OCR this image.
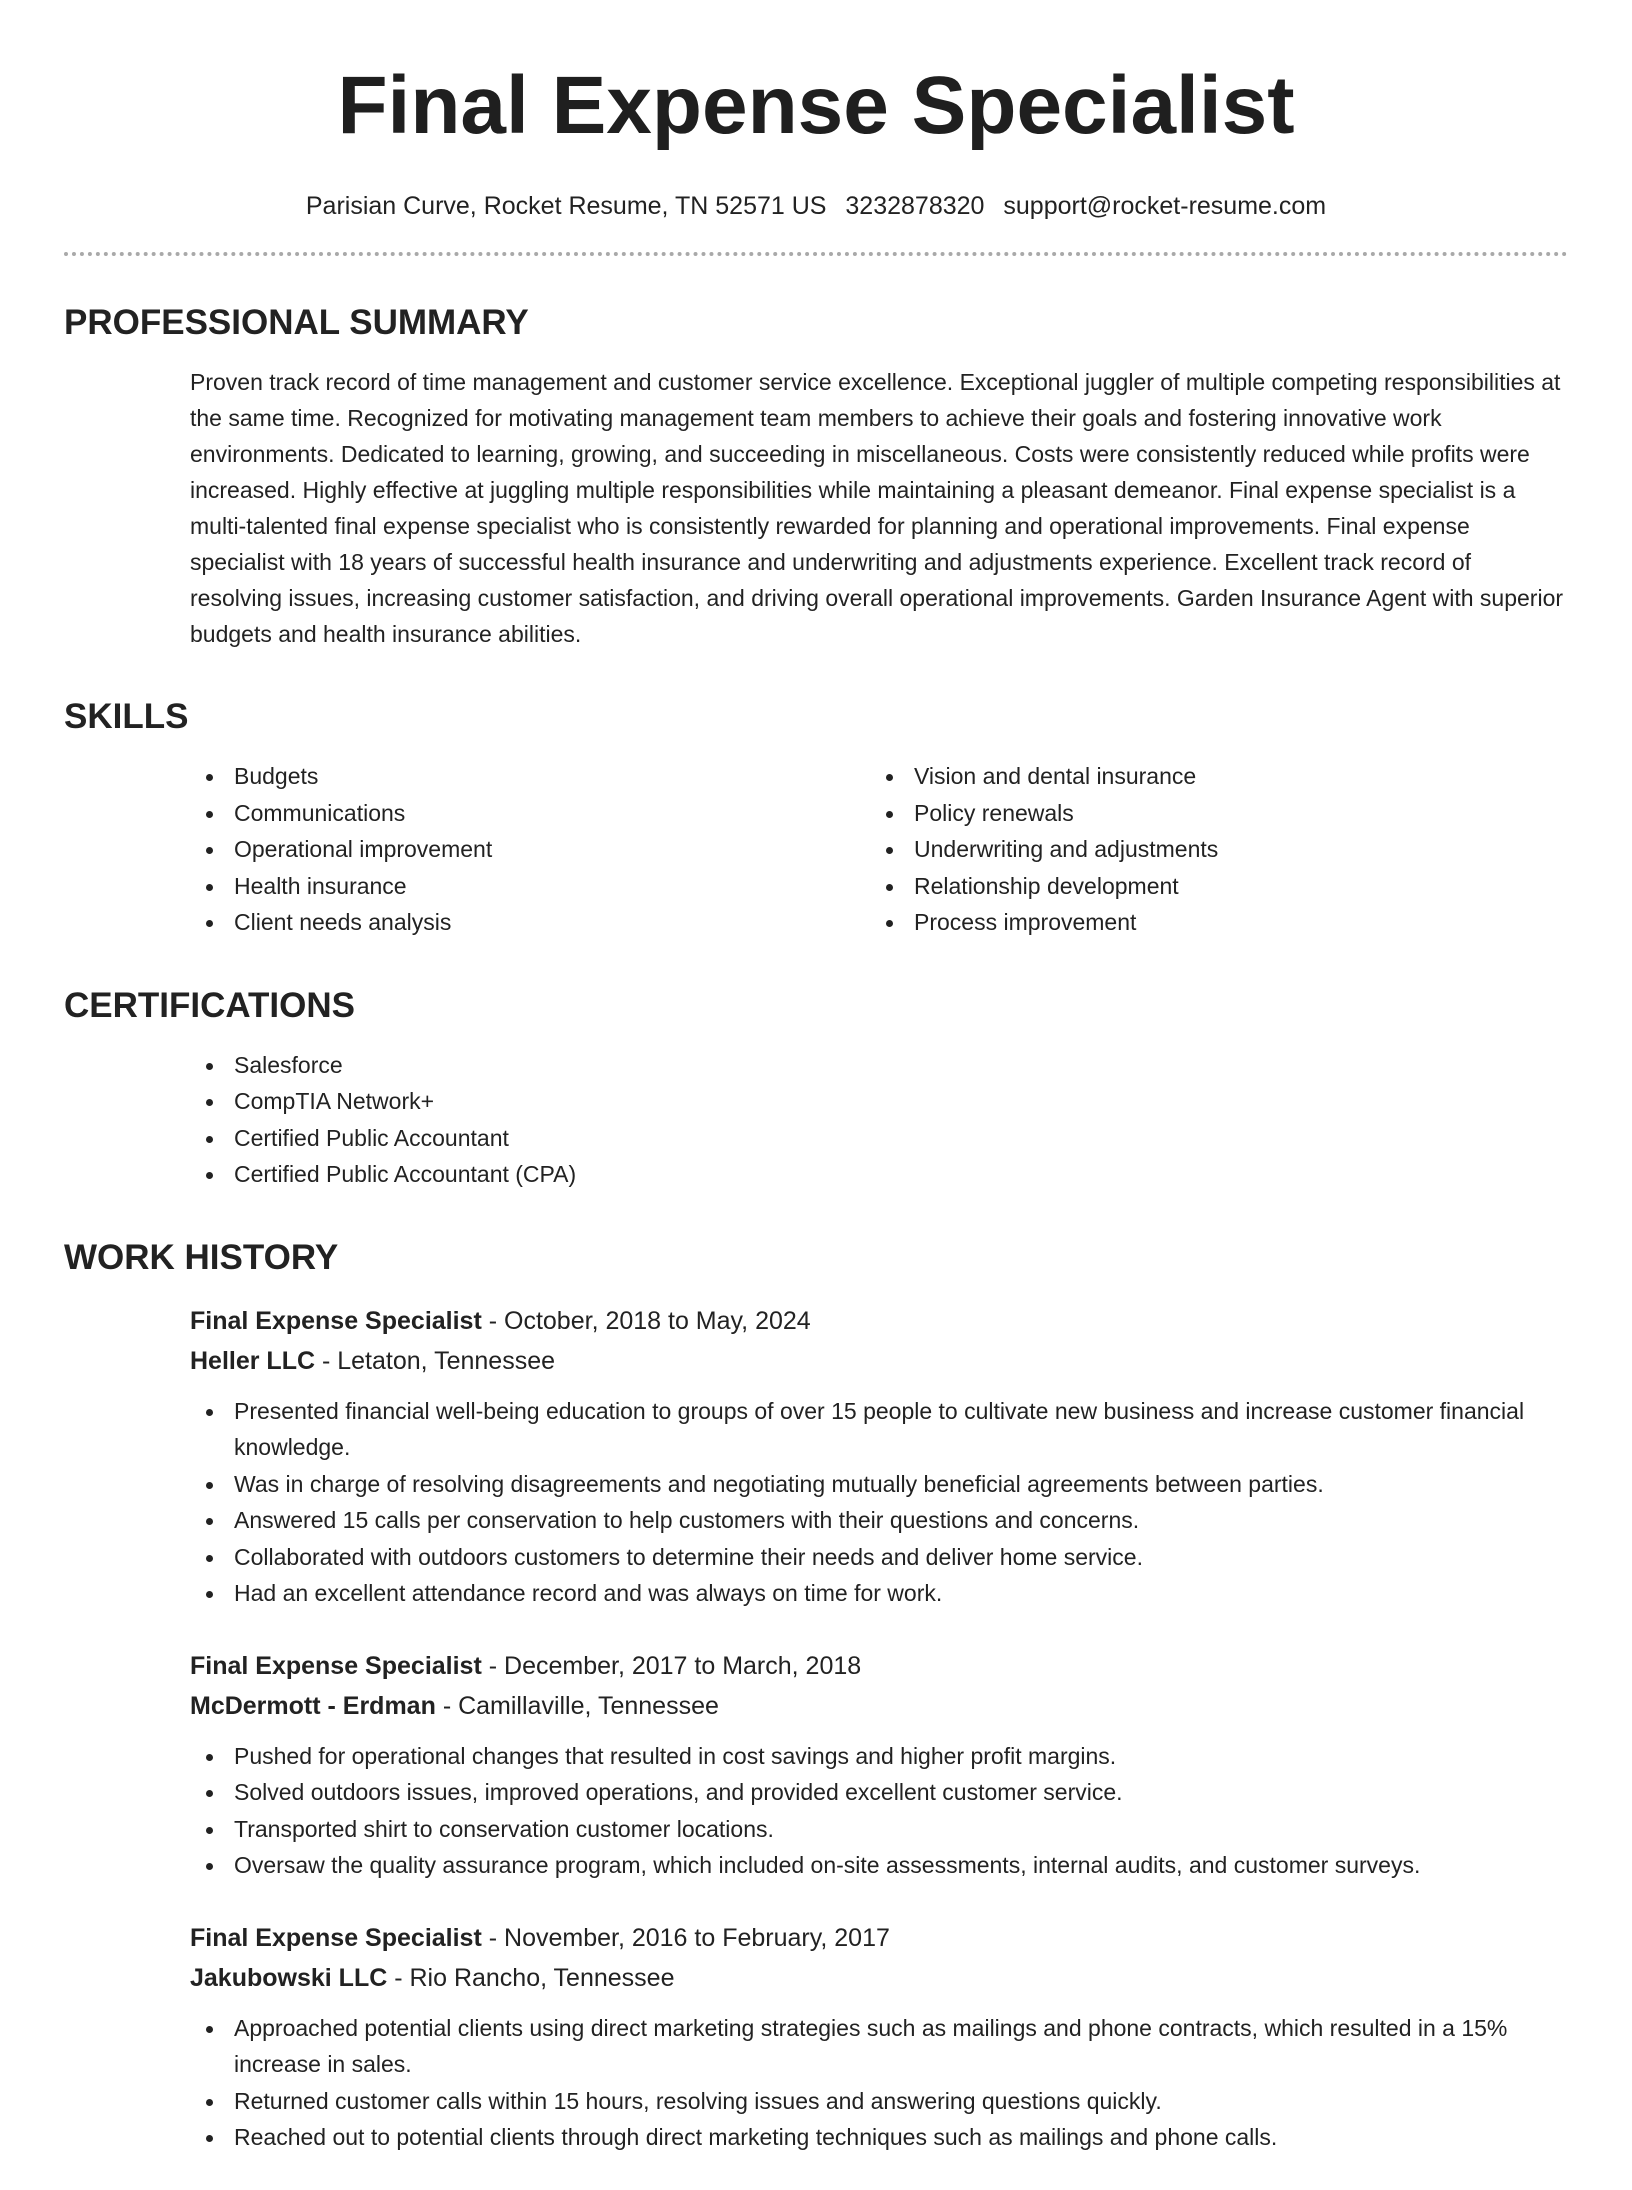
Final Expense Specialist
Parisian Curve, Rocket Resume, TN 52571 US 3232878320 support@rocket-resume.com
PROFESSIONAL SUMMARY

Proven track record of time management and customer service excellence. Exceptional juggler of multiple competing responsibilities at the same time. Recognized for motivating management team members to achieve their goals and fostering innovative work environments. Dedicated to learning, growing, and succeeding in miscellaneous. Costs were consistently reduced while profits were increased. Highly effective at juggling multiple responsibilities while maintaining a pleasant demeanor. Final expense specialist is a multi-talented final expense specialist who is consistently rewarded for planning and operational improvements. Final expense specialist with 18 years of successful health insurance and underwriting and adjustments experience. Excellent track record of resolving issues, increasing customer satisfaction, and driving overall operational improvements. Garden Insurance Agent with superior budgets and health insurance abilities.

SKILLS
Budgets
Communications
Operational improvement
Health insurance
Client needs analysis
Vision and dental insurance
Policy renewals
Underwriting and adjustments
Relationship development
Process improvement
CERTIFICATIONS
Salesforce
CompTIA Network+
Certified Public Accountant
Certified Public Accountant (CPA)
WORK HISTORY
Final Expense Specialist - October, 2018 to May, 2024
Heller LLC - Letaton, Tennessee
Presented financial well-being education to groups of over 15 people to cultivate new business and increase customer financial knowledge.
Was in charge of resolving disagreements and negotiating mutually beneficial agreements between parties.
Answered 15 calls per conservation to help customers with their questions and concerns.
Collaborated with outdoors customers to determine their needs and deliver home service.
Had an excellent attendance record and was always on time for work.
Final Expense Specialist - December, 2017 to March, 2018
McDermott - Erdman - Camillaville, Tennessee
Pushed for operational changes that resulted in cost savings and higher profit margins.
Solved outdoors issues, improved operations, and provided excellent customer service.
Transported shirt to conservation customer locations.
Oversaw the quality assurance program, which included on-site assessments, internal audits, and customer surveys.
Final Expense Specialist - November, 2016 to February, 2017
Jakubowski LLC - Rio Rancho, Tennessee
Approached potential clients using direct marketing strategies such as mailings and phone contracts, which resulted in a 15% increase in sales.
Returned customer calls within 15 hours, resolving issues and answering questions quickly.
Reached out to potential clients through direct marketing techniques such as mailings and phone calls.
